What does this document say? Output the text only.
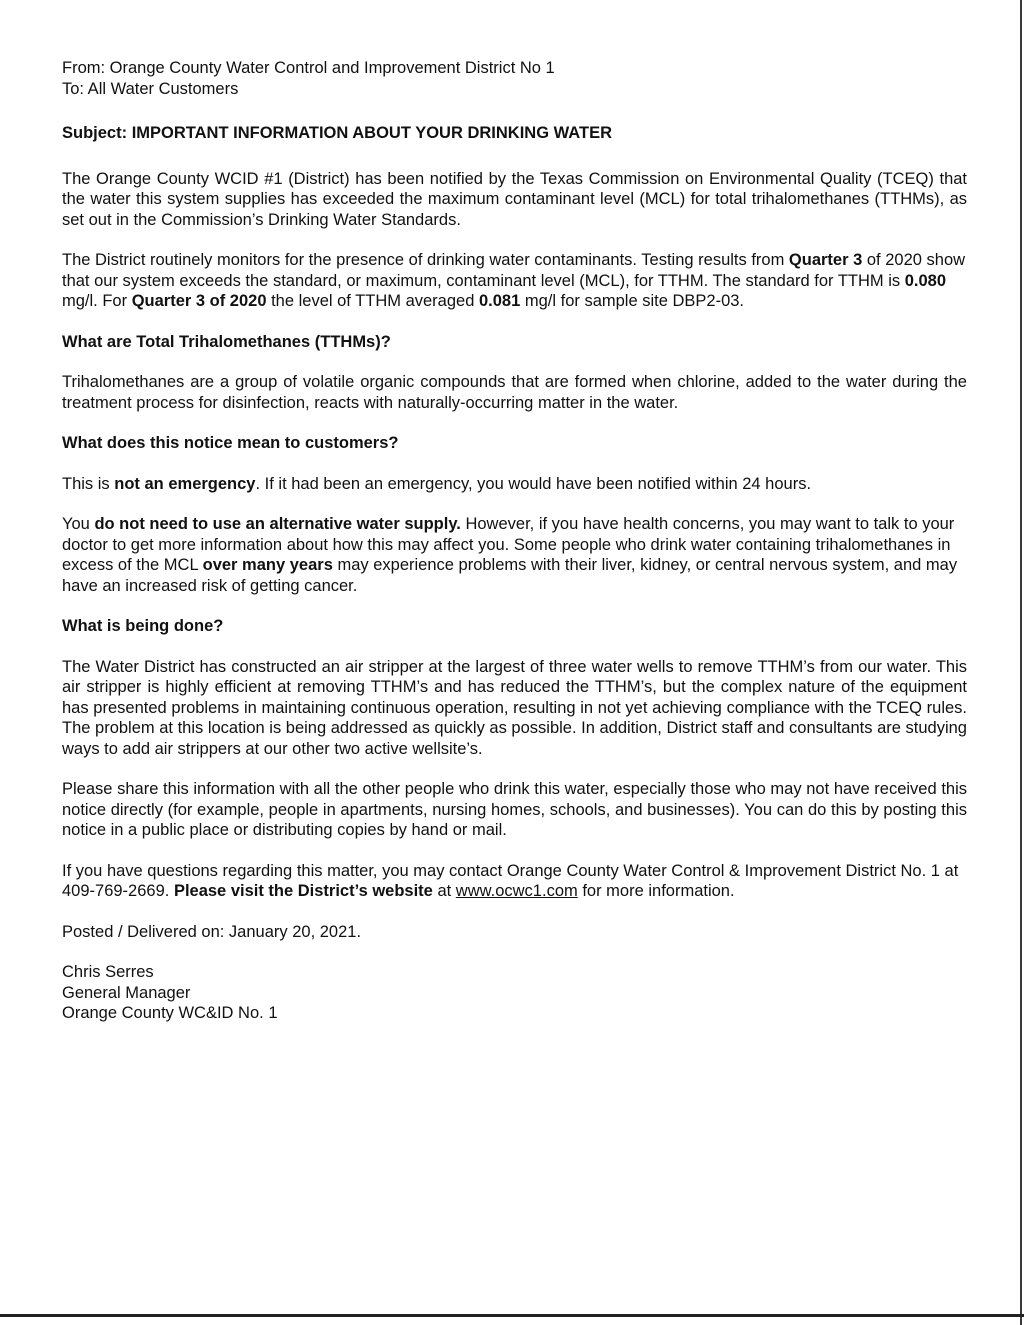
From: Orange County Water Control and Improvement District No 1

To: All Water Customers

Subject: IMPORTANT INFORMATION ABOUT YOUR DRINKING WATER

The Orange County WCID #1 (District) has been notified by the Texas Commission on Environmental Quality (TCEQ) that the water this system supplies has exceeded the maximum contaminant level (MCL) for total trihalomethanes (TTHMs), as set out in the Commission’s Drinking Water Standards.

The District routinely monitors for the presence of drinking water contaminants. Testing results from Quarter 3 of 2020 show that our system exceeds the standard, or maximum, contaminant level (MCL), for TTHM. The standard for TTHM is 0.080 mg/l. For Quarter 3 of 2020 the level of TTHM averaged 0.081 mg/l for sample site DBP2-03.

What are Total Trihalomethanes (TTHMs)?

Trihalomethanes are a group of volatile organic compounds that are formed when chlorine, added to the water during the treatment process for disinfection, reacts with naturally-occurring matter in the water.

What does this notice mean to customers?

This is not an emergency. If it had been an emergency, you would have been notified within 24 hours.

You do not need to use an alternative water supply. However, if you have health concerns, you may want to talk to your doctor to get more information about how this may affect you. Some people who drink water containing trihalomethanes in excess of the MCL over many years may experience problems with their liver, kidney, or central nervous system, and may have an increased risk of getting cancer.

What is being done?

The Water District has constructed an air stripper at the largest of three water wells to remove TTHM’s from our water. This air stripper is highly efficient at removing TTHM’s and has reduced the TTHM’s, but the complex nature of the equipment has presented problems in maintaining continuous operation, resulting in not yet achieving compliance with the TCEQ rules. The problem at this location is being addressed as quickly as possible. In addition, District staff and consultants are studying ways to add air strippers at our other two active wellsite’s.

Please share this information with all the other people who drink this water, especially those who may not have received this notice directly (for example, people in apartments, nursing homes, schools, and businesses). You can do this by posting this notice in a public place or distributing copies by hand or mail.

If you have questions regarding this matter, you may contact Orange County Water Control & Improvement District No. 1 at 409-769-2669. Please visit the District’s website at www.ocwc1.com for more information.

Posted / Delivered on: January 20, 2021.

Chris Serres

General Manager

Orange County WC&ID No. 1
